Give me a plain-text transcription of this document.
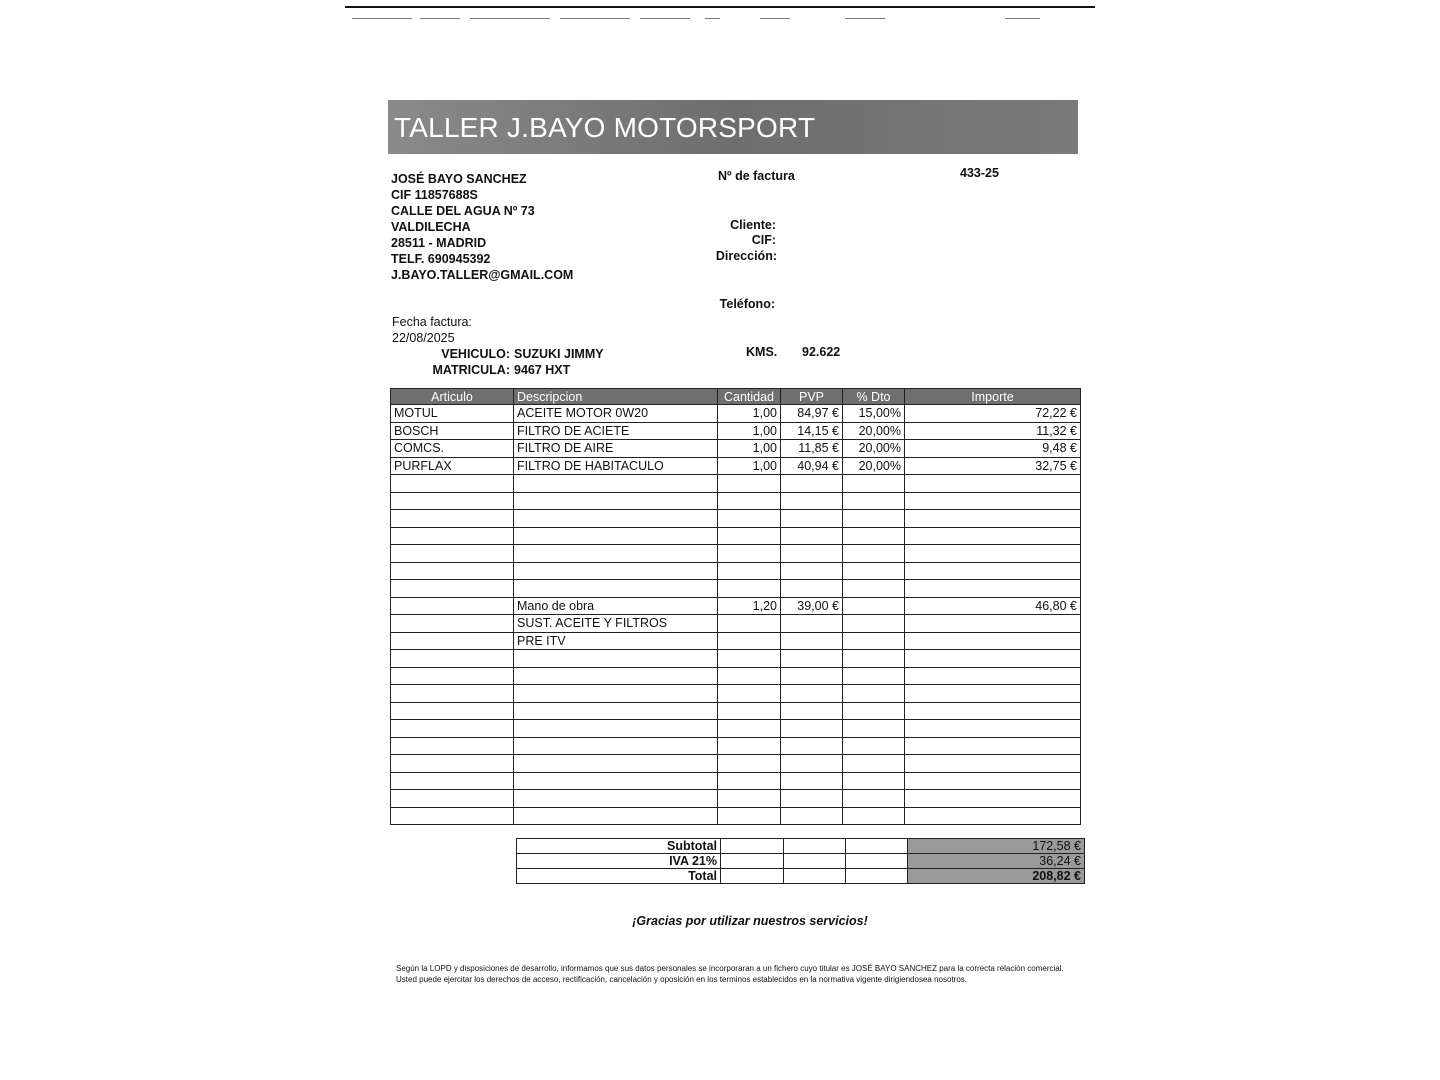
TALLER J.BAYO MOTORSPORT
JOSÉ BAYO SANCHEZ
CIF 11857688S
CALLE DEL AGUA Nº 73
VALDILECHA
28511 - MADRID
TELF. 690945392
J.BAYO.TALLER@GMAIL.COM
Nº de factura	433-25
Cliente:
CIF:
Dirección:
Teléfono:
Fecha factura:
22/08/2025
VEHICULO: SUZUKI JIMMY
MATRICULA: 9467 HXT
KMS. 92.622
Articulo	Descripcion	Cantidad	PVP	% Dto	Importe
MOTUL	ACEITE MOTOR 0W20	1,00	84,97 €	15,00%	72,22 €
BOSCH	FILTRO DE ACIETE	1,00	14,15 €	20,00%	11,32 €
COMCS.	FILTRO DE AIRE	1,00	11,85 €	20,00%	9,48 €
PURFLAX	FILTRO DE HABITACULO	1,00	40,94 €	20,00%	32,75 €

	Mano de obra	1,20	39,00 €		46,80 €
	SUST. ACEITE Y FILTROS				
	PRE ITV				

Subtotal				172,58 €
IVA 21%				36,24 €
Total				208,82 €
¡Gracias por utilizar nuestros servicios!
Según la LOPD y disposiciones de desarrollo, informamos que sus datos personales se incorporaran a un fichero cuyo titular es JOSÉ BAYO SANCHEZ para la correcta relación comercial. Usted puede ejercitar los derechos de acceso, rectificación, cancelación y oposición en los terminos establecidos en la normativa vigente dirigiendosea nosotros.
